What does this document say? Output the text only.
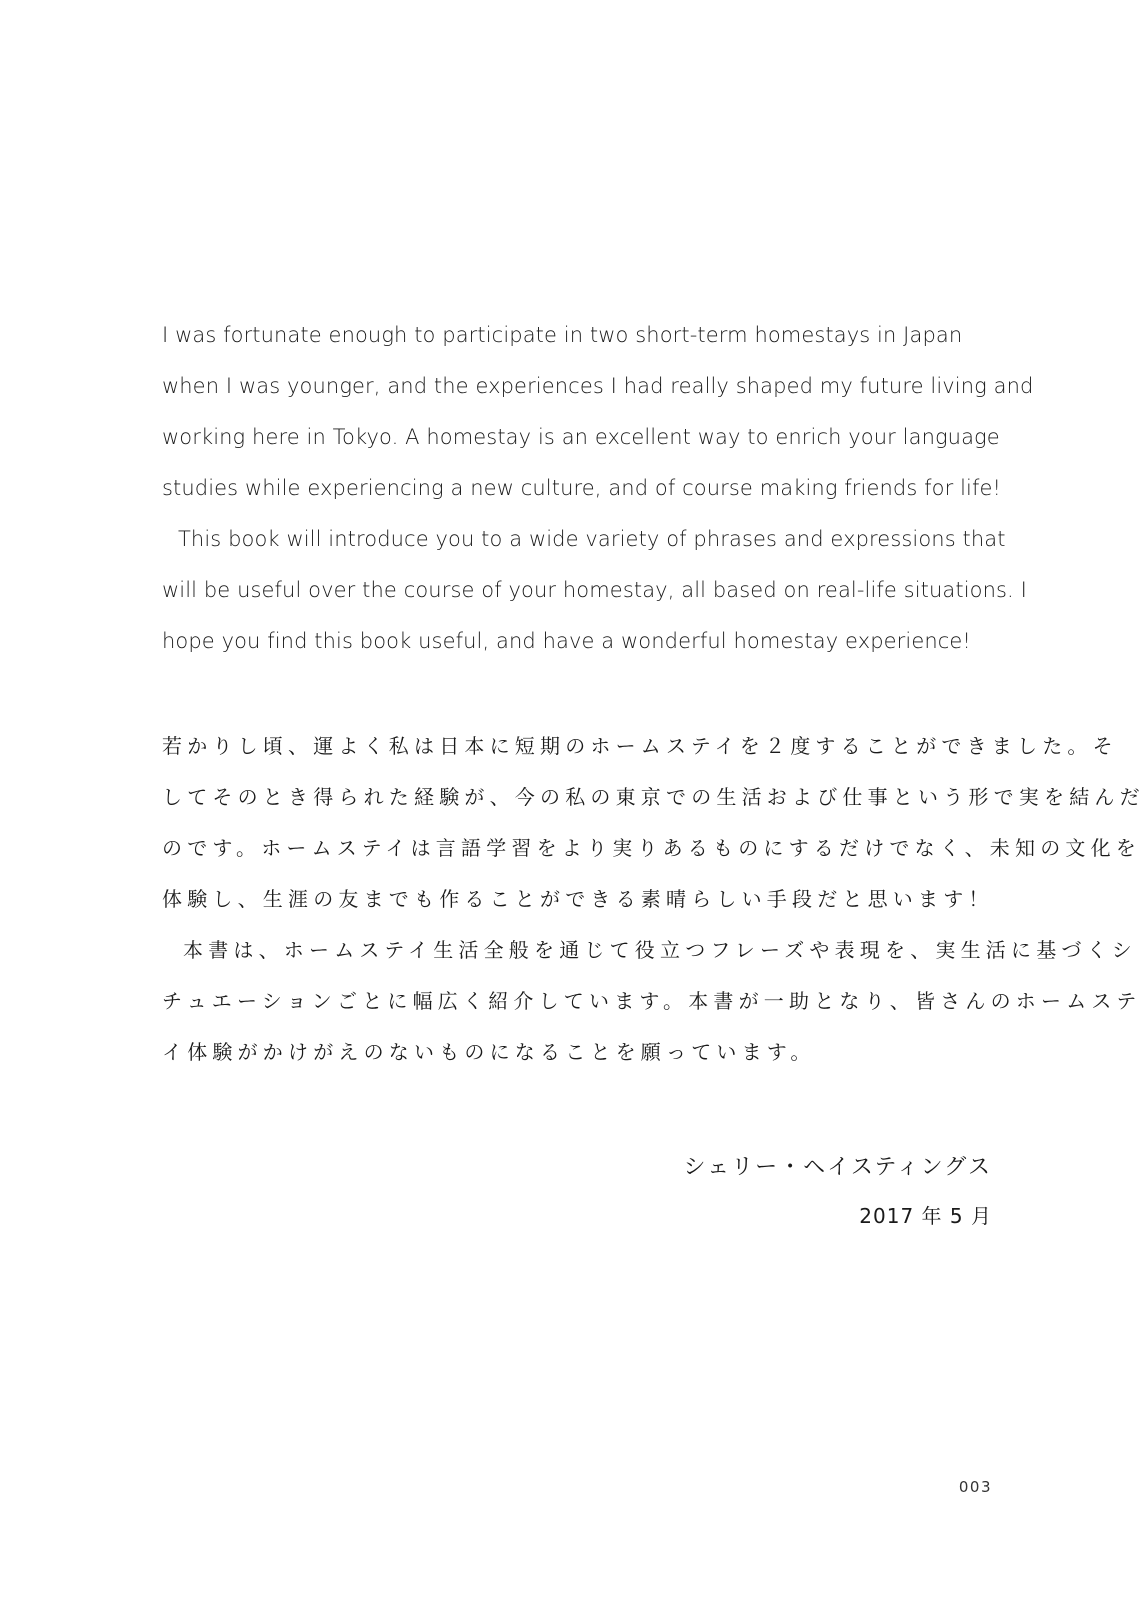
I was fortunate enough to participate in two short-term homestays in Japan
when I was younger, and the experiences I had really shaped my future living and
working here in Tokyo. A homestay is an excellent way to enrich your language
studies while experiencing a new culture, and of course making friends for life!
This book will introduce you to a wide variety of phrases and expressions that
will be useful over the course of your homestay, all based on real-life situations. I
hope you find this book useful, and have a wonderful homestay experience!
若かりし頃、運よく私は日本に短期のホームステイを２度することができました。そ
してそのとき得られた経験が、今の私の東京での生活および仕事という形で実を結んだ
のです。ホームステイは言語学習をより実りあるものにするだけでなく、未知の文化を
体験し、生涯の友までも作ることができる素晴らしい手段だと思います！
本書は、ホームステイ生活全般を通じて役立つフレーズや表現を、実生活に基づくシ
チュエーションごとに幅広く紹介しています。本書が一助となり、皆さんのホームステ
イ体験がかけがえのないものになることを願っています。
シェリー・ヘイスティングス
2017 年 5 月
003
